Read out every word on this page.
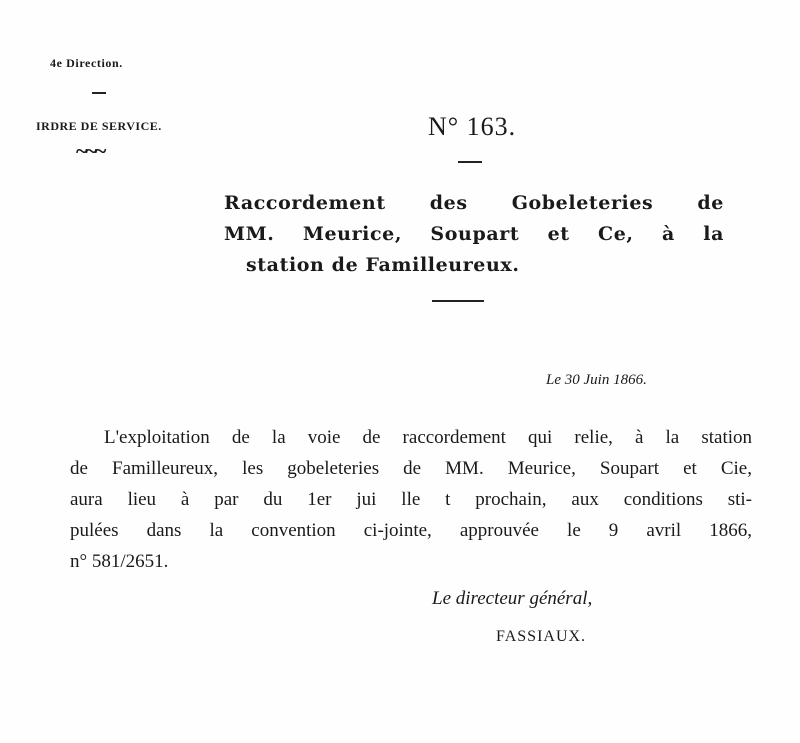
4e Direction.
IRDRE DE SERVICE.
~~~
N° 163.
Raccordement des Gobeleteries de
MM. Meurice, Soupart et Ce, à la
station de Familleureux.
Le 30 Juin 1866.
L'exploitation de la voie de raccordement qui relie, à la station
de Familleureux, les gobeleteries de MM. Meurice, Soupart et Cie,
aura lieu à par du 1er jui lle t prochain, aux conditions sti-
pulées dans la convention ci-jointe, approuvée le 9 avril 1866,
n° 581/2651.
Le directeur général,
FASSIAUX.
